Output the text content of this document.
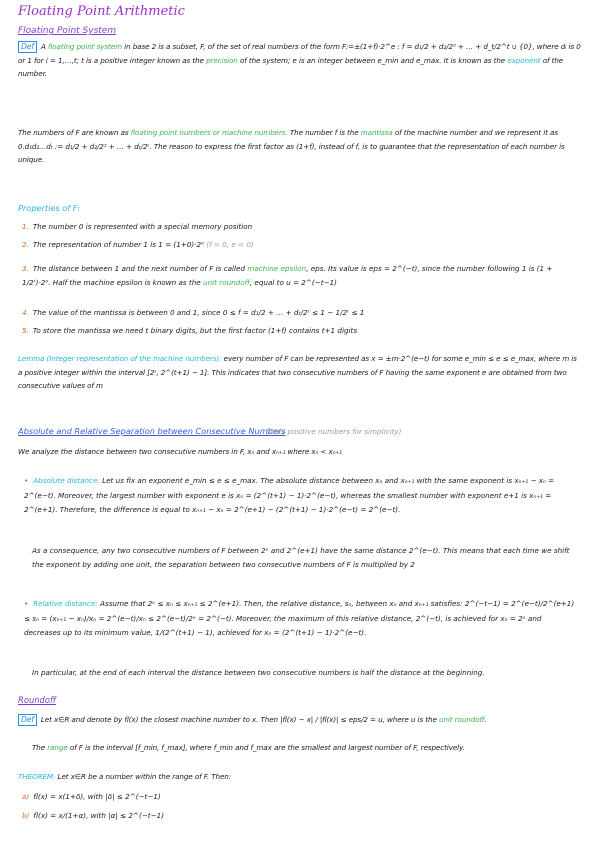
Floating Point Arithmetic
Floating Point System
Def A floating point system in base 2 is a subset, F, of the set of real numbers of the form F:=±(1+f)·2^e : f = d₁/2 + d₂/2² + … + d_t/2^t ∪ {0}, where dᵢ is 0 or 1 for i = 1,…,t; t is a positive integer known as the precision of the system; e is an integer between e_min and e_max. It is known as the exponent of the number.
The numbers of F are known as floating point numbers or machine numbers. The number f is the mantissa of the machine number and we represent it as 0.d₁d₂…dₜ := d₁/2 + d₂/2² + … + dₜ/2ᵗ. The reason to express the first factor as (1+f), instead of f, is to guarantee that the representation of each number is unique.
Properties of F:
1. The number 0 is represented with a special memory position
2. The representation of number 1 is 1 = (1+0)·2⁰ (f = 0, e = 0)
3. The distance between 1 and the next number of F is called machine epsilon, eps. Its value is eps = 2^(−t), since the number following 1 is (1 + 1/2ᵗ)·2⁰. Half the machine epsilon is known as the unit roundoff, equal to u = 2^(−t−1)
4. The value of the mantissa is between 0 and 1, since 0 ≤ f = d₁/2 + … + dₜ/2ᵗ ≤ 1 − 1/2ᵗ ≤ 1
5. To store the mantissa we need t binary digits, but the first factor (1+f) contains t+1 digits
Lemma (Integer representation of the machine numbers): every number of F can be represented as x = ±m·2^(e−t) for some e_min ≤ e ≤ e_max, where m is a positive integer within the interval [2ᵗ, 2^(t+1) − 1]. This indicates that two consecutive numbers of F having the same exponent e are obtained from two consecutive values of m
Absolute and Relative Separation between Consecutive Numbers
(Only positive numbers for simplicity)
We analyze the distance between two consecutive numbers in F, xₙ and xₙ₊₁ where xₙ < xₙ₊₁
• Absolute distance: Let us fix an exponent e_min ≤ e ≤ e_max. The absolute distance between xₙ and xₙ₊₁ with the same exponent is xₙ₊₁ − xₙ = 2^(e−t). Moreover, the largest number with exponent e is xₙ = (2^(t+1) − 1)·2^(e−t), whereas the smallest number with exponent e+1 is xₙ₊₁ = 2^(e+1). Therefore, the difference is equal to xₙ₊₁ − xₙ = 2^(e+1) − (2^(t+1) − 1)·2^(e−t) = 2^(e−t).
As a consequence, any two consecutive numbers of F between 2ᵉ and 2^(e+1) have the same distance 2^(e−t). This means that each time we shift the exponent by adding one unit, the separation between two consecutive numbers of F is multiplied by 2
• Relative distance: Assume that 2ᵉ ≤ xₙ ≤ xₙ₊₁ ≤ 2^(e+1). Then, the relative distance, sₙ, between xₙ and xₙ₊₁ satisfies: 2^(−t−1) = 2^(e−t)/2^(e+1) ≤ sₙ = (xₙ₊₁ − xₙ)/xₙ = 2^(e−t)/xₙ ≤ 2^(e−t)/2ᵉ = 2^(−t). Moreover, the maximum of this relative distance, 2^(−t), is achieved for xₙ = 2ᵉ and decreases up to its minimum value, 1/(2^(t+1) − 1), achieved for xₙ = (2^(t+1) − 1)·2^(e−t).
In particular, at the end of each interval the distance between two consecutive numbers is half the distance at the beginning.
Roundoff
Def Let x∈R and denote by fl(x) the closest machine number to x. Then |fl(x) − x| / |fl(x)| ≤ eps/2 = u, where u is the unit roundoff.
The range of F is the interval [f_min, f_max], where f_min and f_max are the smallest and largest number of F, respectively.
THEOREM: Let x∈R be a number within the range of F. Then:
a) fl(x) = x(1+δ), with |δ| ≤ 2^(−t−1)
b) fl(x) = x/(1+α), with |α| ≤ 2^(−t−1)
